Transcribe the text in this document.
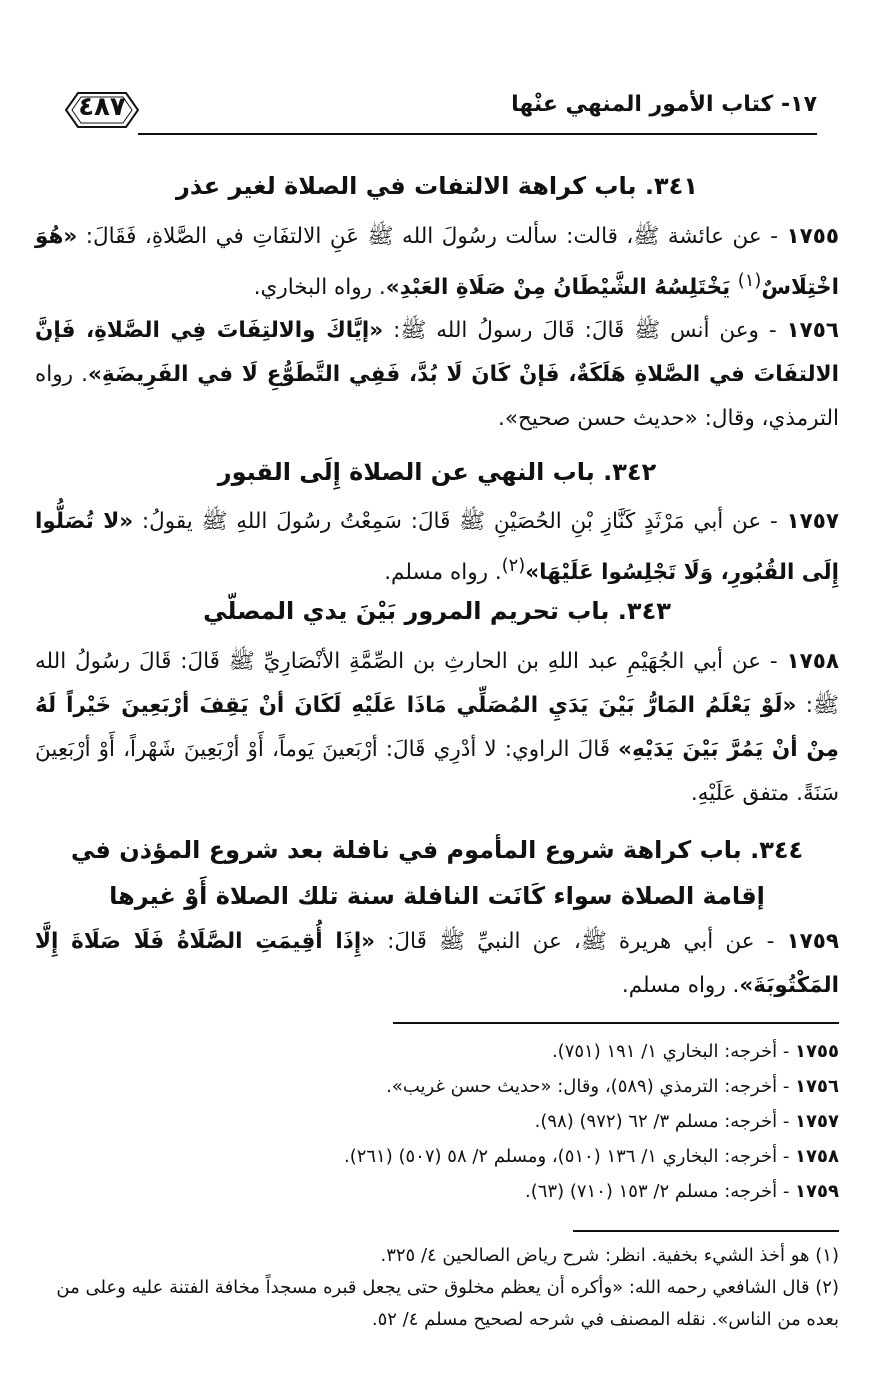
١٧- كتاب الأمور المنهي عنْها
٤٨٧
٣٤١. باب كراهة الالتفات في الصلاة لغير عذر

١٧٥٥ - عن عائشة ﷺ، قالت: سألت رسُولَ الله ﷺ عَنِ الالتفَاتِ في الصَّلاةِ، فَقَالَ: «هُوَ اخْتِلَاسٌ$^{(١)}$ يَخْتَلِسُهُ الشَّيْطَانُ مِنْ صَلَاةِ العَبْدِ». رواه البخاري.

١٧٥٦ - وعن أنس ﷺ قَالَ: قَالَ رسولُ الله ﷺ: «إيَّاكَ والالتِفَاتَ فِي الصَّلاةِ، فَإنَّ الالتفَاتَ في الصَّلاةِ هَلَكَةٌ، فَإنْ كَانَ لَا بُدَّ، فَفِي التَّطَوُّعِ لَا في الفَرِيضَةِ». رواه الترمذي، وقال: «حديث حسن صحيح».

٣٤٢. باب النهي عن الصلاة إِلَى القبور

١٧٥٧ - عن أبي مَرْثَدٍ كَنَّازِ بْنِ الحُصَيْنِ ﷺ قَالَ: سَمِعْتُ رسُولَ اللهِ ﷺ يقولُ: «لا تُصَلُّوا إِلَى القُبُورِ، وَلَا تَجْلِسُوا عَلَيْهَا»$^{(٢)}$. رواه مسلم.

٣٤٣. باب تحريم المرور بَيْنَ يدي المصلّي

١٧٥٨ - عن أبي الجُهَيْمِ عبد اللهِ بن الحارثِ بن الصِّمَّةِ الأنْصَارِيِّ ﷺ قَالَ: قَالَ رسُولُ الله ﷺ: «لَوْ يَعْلَمُ المَارُّ بَيْنَ يَدَيِ المُصَلِّي مَاذَا عَلَيْهِ لَكَانَ أنْ يَقِفَ أرْبَعِينَ خَيْراً لَهُ مِنْ أنْ يَمُرَّ بَيْنَ يَدَيْهِ» قَالَ الراوي: لا أدْرِي قَالَ: أرْبَعينَ يَوماً، أَوْ أرْبَعِينَ شَهْراً، أَوْ أرْبَعِينَ سَنَةً. متفق عَلَيْهِ.

٣٤٤. باب كراهة شروع المأموم في نافلة بعد شروع المؤذن في
إقامة الصلاة سواء كَانَت النافلة سنة تلك الصلاة أَوْ غيرها

١٧٥٩ - عن أبي هريرة ﷺ، عن النبيِّ ﷺ قَالَ: «إِذَا أُقِيمَتِ الصَّلَاةُ فَلَا صَلَاةَ إِلَّا المَكْتُوبَةَ». رواه مسلم.

١٧٥٥ - أخرجه: البخاري ١/ ١٩١ (٧٥١).
١٧٥٦ - أخرجه: الترمذي (٥٨٩)، وقال: «حديث حسن غريب».
١٧٥٧ - أخرجه: مسلم ٣/ ٦٢ (٩٧٢) (٩٨).
١٧٥٨ - أخرجه: البخاري ١/ ١٣٦ (٥١٠)، ومسلم ٢/ ٥٨ (٥٠٧) (٢٦١).
١٧٥٩ - أخرجه: مسلم ٢/ ١٥٣ (٧١٠) (٦٣).
(١) هو أخذ الشيء بخفية. انظر: شرح رياض الصالحين ٤/ ٣٢٥.
(٢) قال الشافعي رحمه الله: «وأكره أن يعظم مخلوق حتى يجعل قبره مسجداً مخافة الفتنة عليه وعلى من بعده من الناس». نقله المصنف في شرحه لصحيح مسلم ٤/ ٥٢.
